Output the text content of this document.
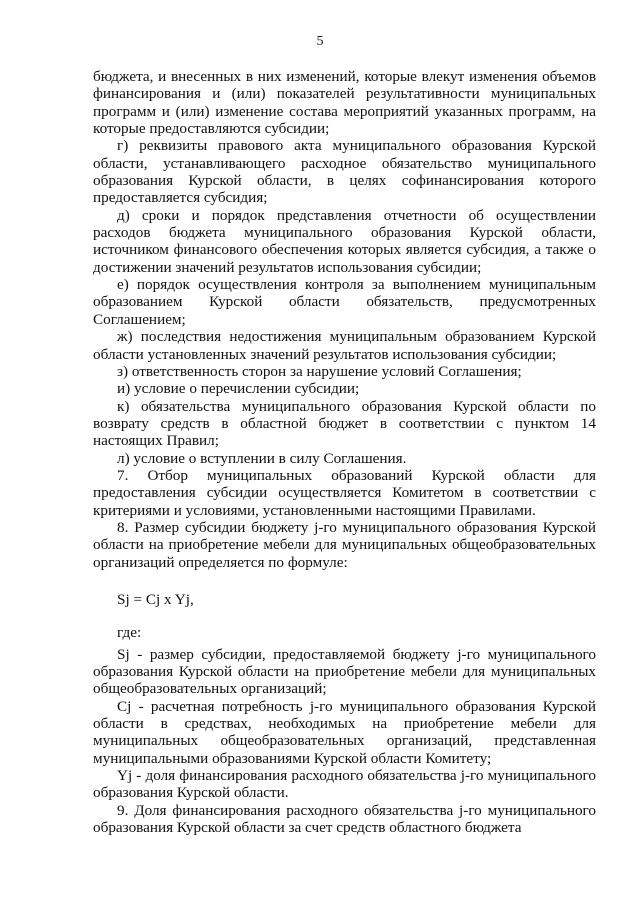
5

бюджета, и внесенных в них изменений, которые влекут изменения объемов финансирования и (или) показателей результативности муниципальных программ и (или) изменение состава мероприятий указанных программ, на которые предоставляются субсидии;

г) реквизиты правового акта муниципального образования Курской области, устанавливающего расходное обязательство муниципального образования Курской области, в целях софинансирования которого предоставляется субсидия;

д) сроки и порядок представления отчетности об осуществлении расходов бюджета муниципального образования Курской области, источником финансового обеспечения которых является субсидия, а также о достижении значений результатов использования субсидии;

е) порядок осуществления контроля за выполнением муниципальным образованием Курской области обязательств, предусмотренных Соглашением;

ж) последствия недостижения муниципальным образованием Курской области установленных значений результатов использования субсидии;

з) ответственность сторон за нарушение условий Соглашения;

и) условие о перечислении субсидии;

к) обязательства муниципального образования Курской области по возврату средств в областной бюджет в соответствии с пунктом 14 настоящих Правил;

л) условие о вступлении в силу Соглашения.

7. Отбор муниципальных образований Курской области для предоставления субсидии осуществляется Комитетом в соответствии с критериями и условиями, установленными настоящими Правилами.

8. Размер субсидии бюджету j-го муниципального образования Курской области на приобретение мебели для муниципальных общеобразовательных организаций определяется по формуле:

Sj = Cj x Yj,

где:

Sj - размер субсидии, предоставляемой бюджету j-го муниципального образования Курской области на приобретение мебели для муниципальных общеобразовательных организаций;

Cj - расчетная потребность j-го муниципального образования Курской области в средствах, необходимых на приобретение мебели для муниципальных общеобразовательных организаций, представленная муниципальными образованиями Курской области Комитету;

Yj - доля финансирования расходного обязательства j-го муниципального образования Курской области.

9. Доля финансирования расходного обязательства j-го муниципального образования Курской области за счет средств областного бюджета
